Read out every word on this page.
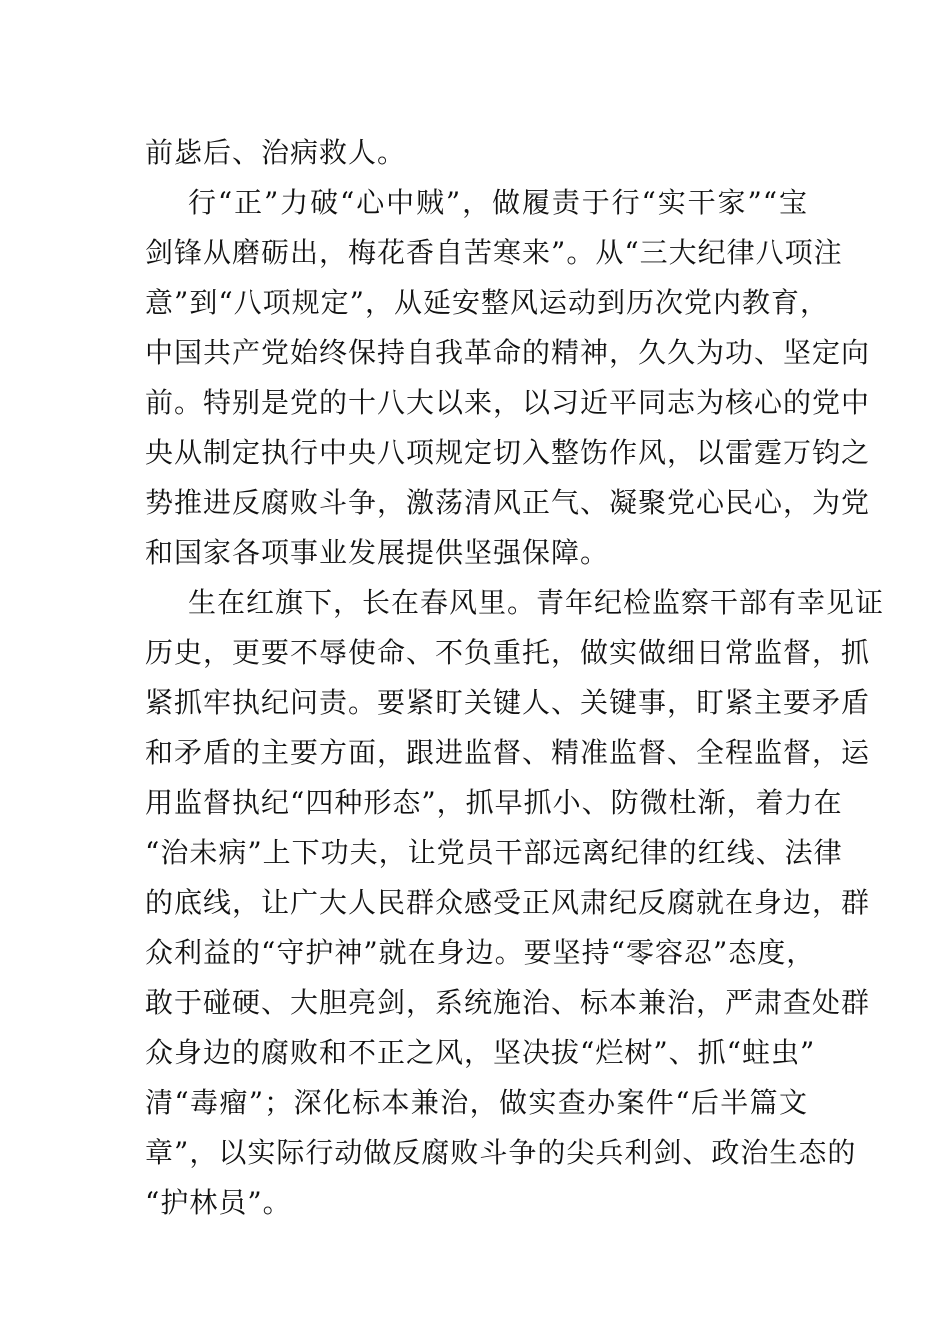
前毖后、治病救人。
行“正”力破“心中贼”，做履责于行“实干家”“宝
剑锋从磨砺出，梅花香自苦寒来”。从“三大纪律八项注
意”到“八项规定”，从延安整风运动到历次党内教育，
中国共产党始终保持自我革命的精神，久久为功、坚定向
前。特别是党的十八大以来，以习近平同志为核心的党中
央从制定执行中央八项规定切入整饬作风，以雷霆万钧之
势推进反腐败斗争，激荡清风正气、凝聚党心民心，为党
和国家各项事业发展提供坚强保障。
生在红旗下，长在春风里。青年纪检监察干部有幸见证
历史，更要不辱使命、不负重托，做实做细日常监督，抓
紧抓牢执纪问责。要紧盯关键人、关键事，盯紧主要矛盾
和矛盾的主要方面，跟进监督、精准监督、全程监督，运
用监督执纪“四种形态”，抓早抓小、防微杜渐，着力在
“治未病”上下功夫，让党员干部远离纪律的红线、法律
的底线，让广大人民群众感受正风肃纪反腐就在身边，群
众利益的“守护神”就在身边。要坚持“零容忍”态度，
敢于碰硬、大胆亮剑，系统施治、标本兼治，严肃查处群
众身边的腐败和不正之风，坚决拔“烂树”、抓“蛀虫”
清“毒瘤”；深化标本兼治，做实查办案件“后半篇文
章”，以实际行动做反腐败斗争的尖兵利剑、政治生态的
“护林员”。
